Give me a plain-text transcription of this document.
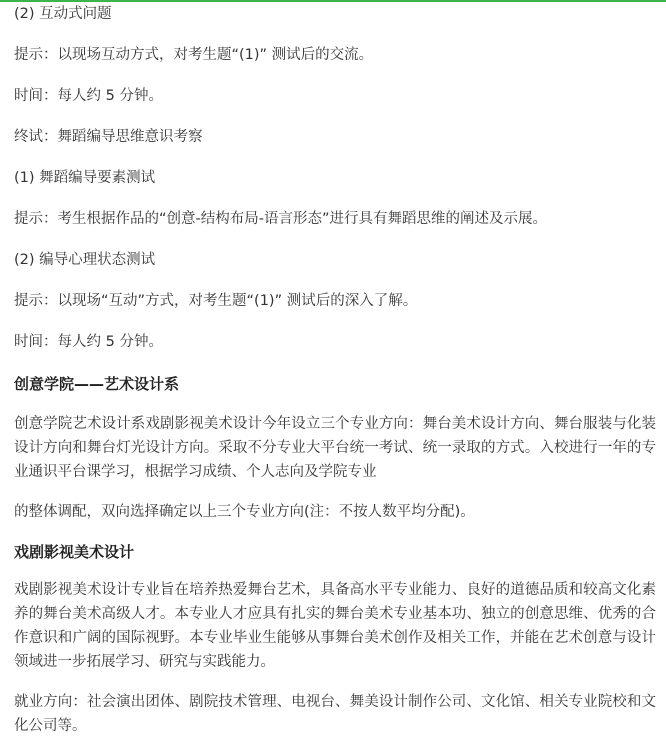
(2) 互动式问题

提示：以现场互动方式，对考生题“(1)” 测试后的交流。

时间：每人约 5 分钟。

终试：舞蹈编导思维意识考察

(1) 舞蹈编导要素测试

提示：考生根据作品的“创意-结构布局-语言形态”进行具有舞蹈思维的阐述及示展。

(2) 编导心理状态测试

提示：以现场“互动”方式，对考生题“(1)” 测试后的深入了解。

时间：每人约 5 分钟。

创意学院——艺术设计系

创意学院艺术设计系戏剧影视美术设计今年设立三个专业方向：舞台美术设计方向、舞台服装与化装设计方向和舞台灯光设计方向。采取不分专业大平台统一考试、统一录取的方式。入校进行一年的专业通识平台课学习，根据学习成绩、个人志向及学院专业

的整体调配，双向选择确定以上三个专业方向(注：不按人数平均分配)。

戏剧影视美术设计

戏剧影视美术设计专业旨在培养热爱舞台艺术，具备高水平专业能力、良好的道德品质和较高文化素养的舞台美术高级人才。本专业人才应具有扎实的舞台美术专业基本功、独立的创意思维、优秀的合作意识和广阔的国际视野。本专业毕业生能够从事舞台美术创作及相关工作，并能在艺术创意与设计领域进一步拓展学习、研究与实践能力。

就业方向：社会演出团体、剧院技术管理、电视台、舞美设计制作公司、文化馆、相关专业院校和文化公司等。
